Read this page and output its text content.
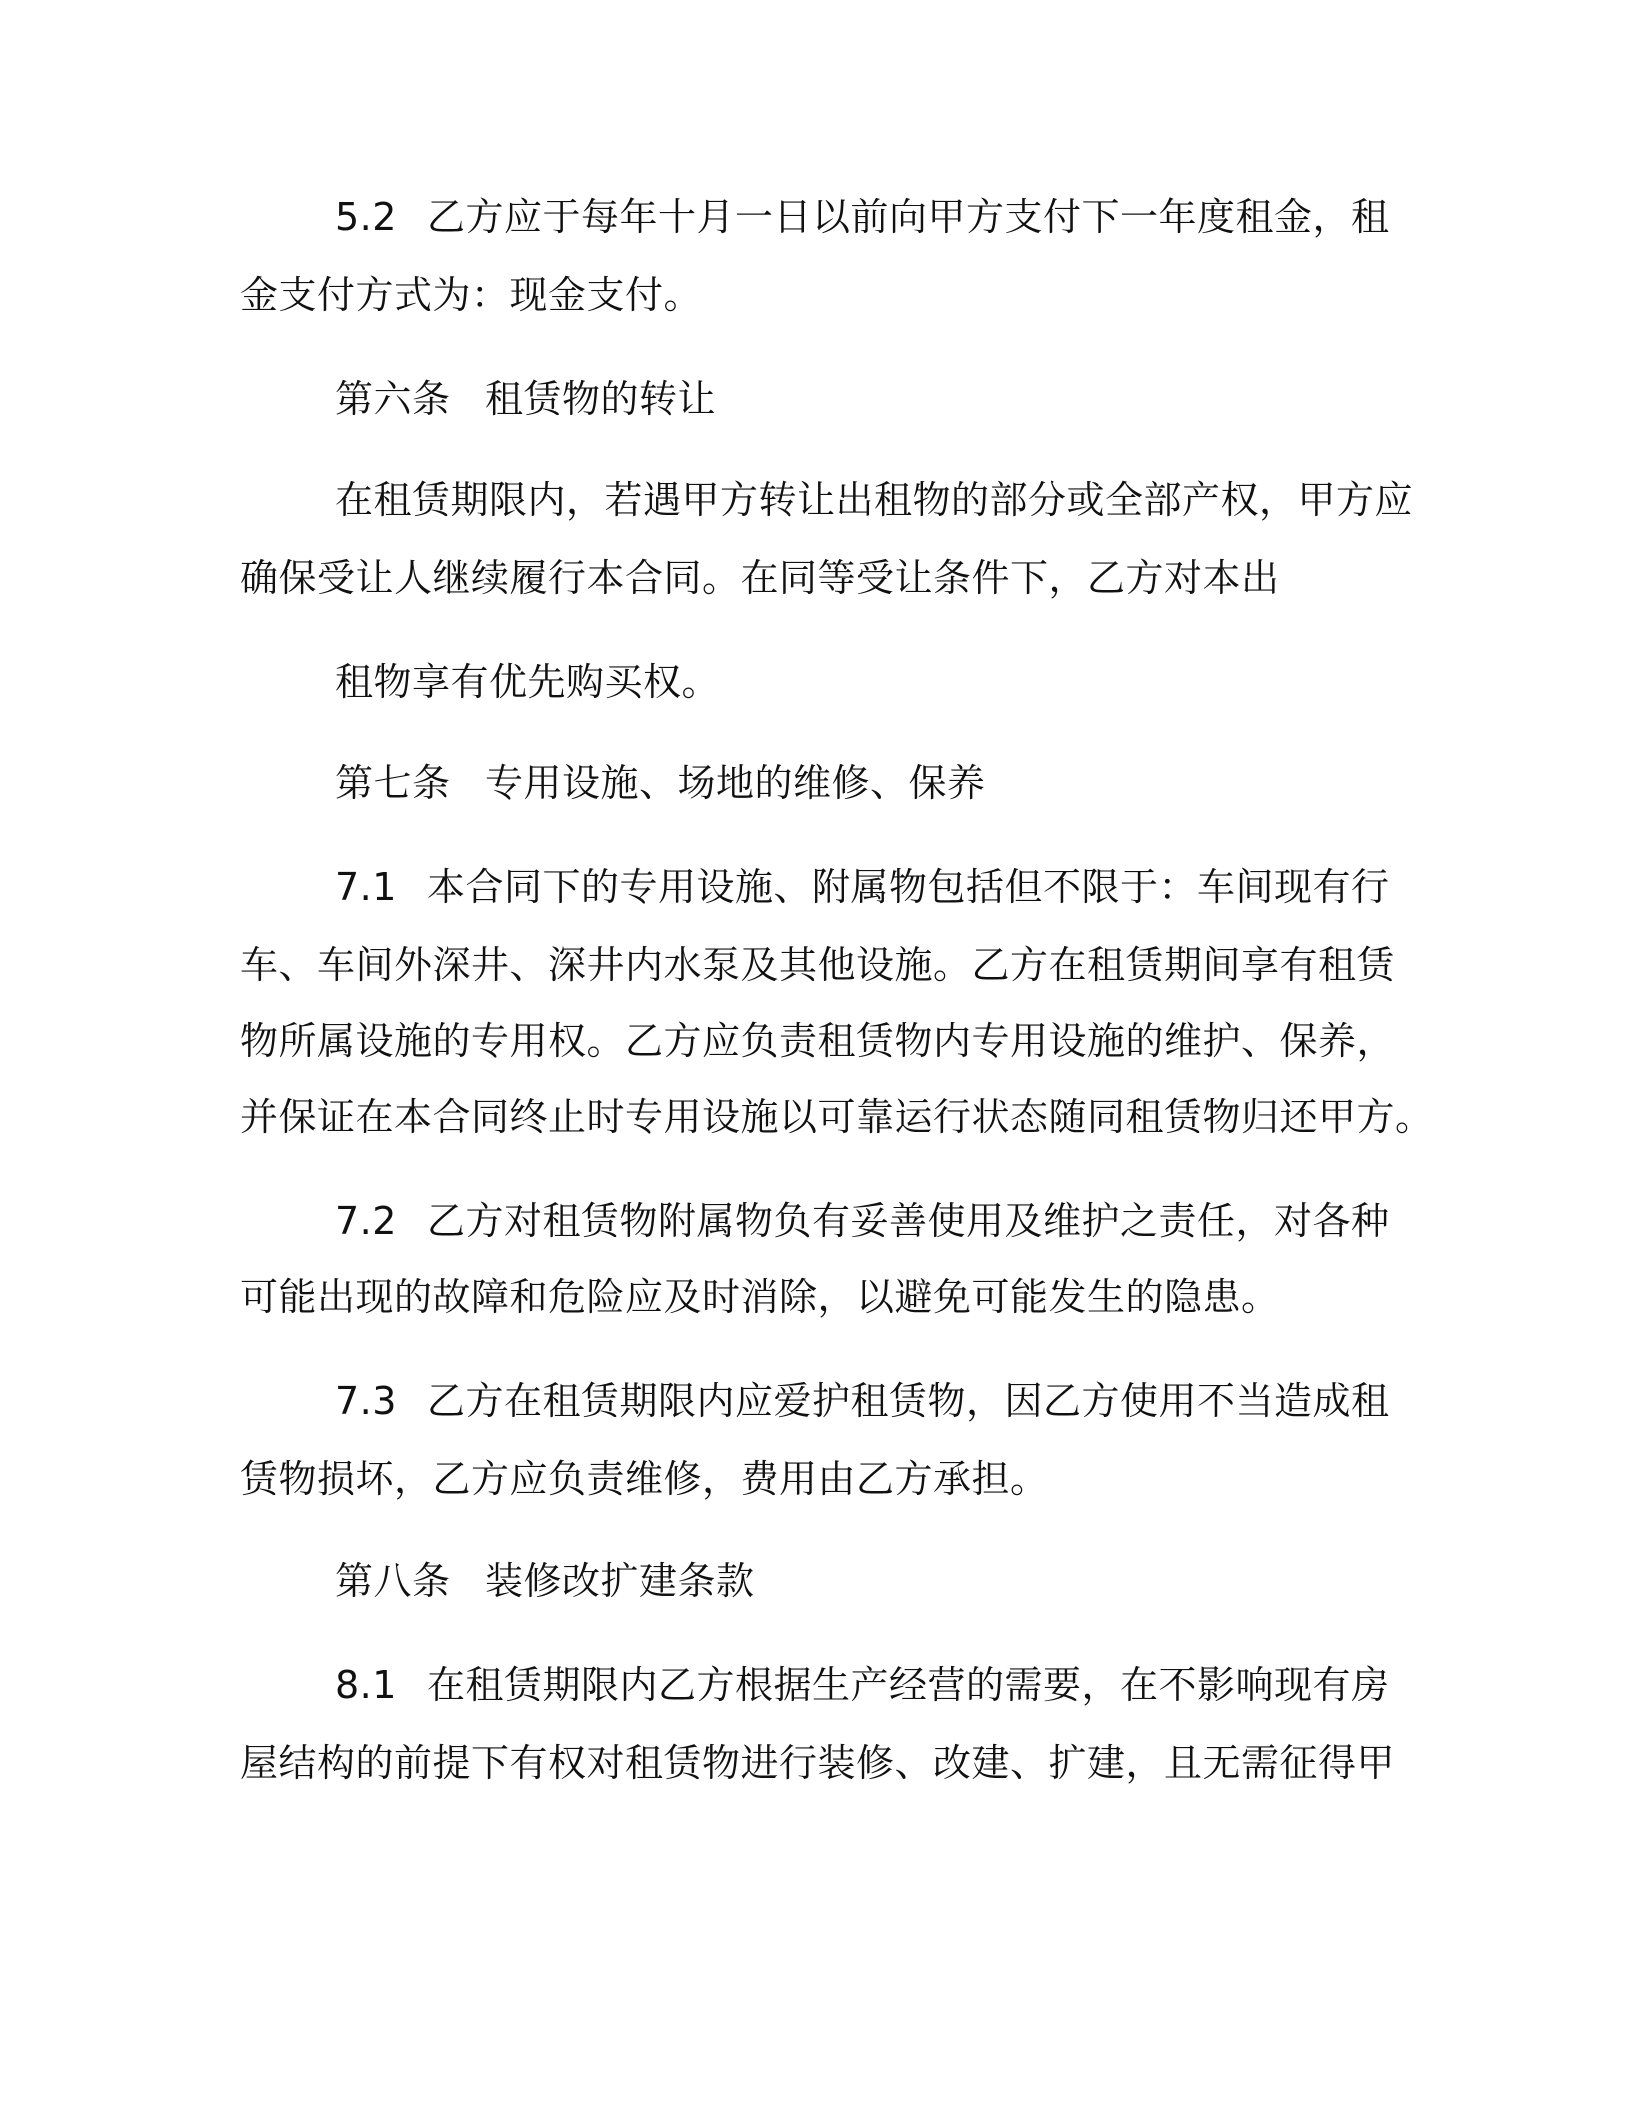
5.2 乙方应于每年十月一日以前向甲方支付下一年度租金，租
金支付方式为：现金支付。
第六条 租赁物的转让
在租赁期限内，若遇甲方转让出租物的部分或全部产权，甲方应
确保受让人继续履行本合同。在同等受让条件下，乙方对本出
租物享有优先购买权。
第七条 专用设施、场地的维修、保养
7.1 本合同下的专用设施、附属物包括但不限于：车间现有行
车、车间外深井、深井内水泵及其他设施。乙方在租赁期间享有租赁
物所属设施的专用权。乙方应负责租赁物内专用设施的维护、保养，
并保证在本合同终止时专用设施以可靠运行状态随同租赁物归还甲方。
7.2 乙方对租赁物附属物负有妥善使用及维护之责任，对各种
可能出现的故障和危险应及时消除，以避免可能发生的隐患。
7.3 乙方在租赁期限内应爱护租赁物，因乙方使用不当造成租
赁物损坏，乙方应负责维修，费用由乙方承担。
第八条 装修改扩建条款
8.1 在租赁期限内乙方根据生产经营的需要，在不影响现有房
屋结构的前提下有权对租赁物进行装修、改建、扩建，且无需征得甲
